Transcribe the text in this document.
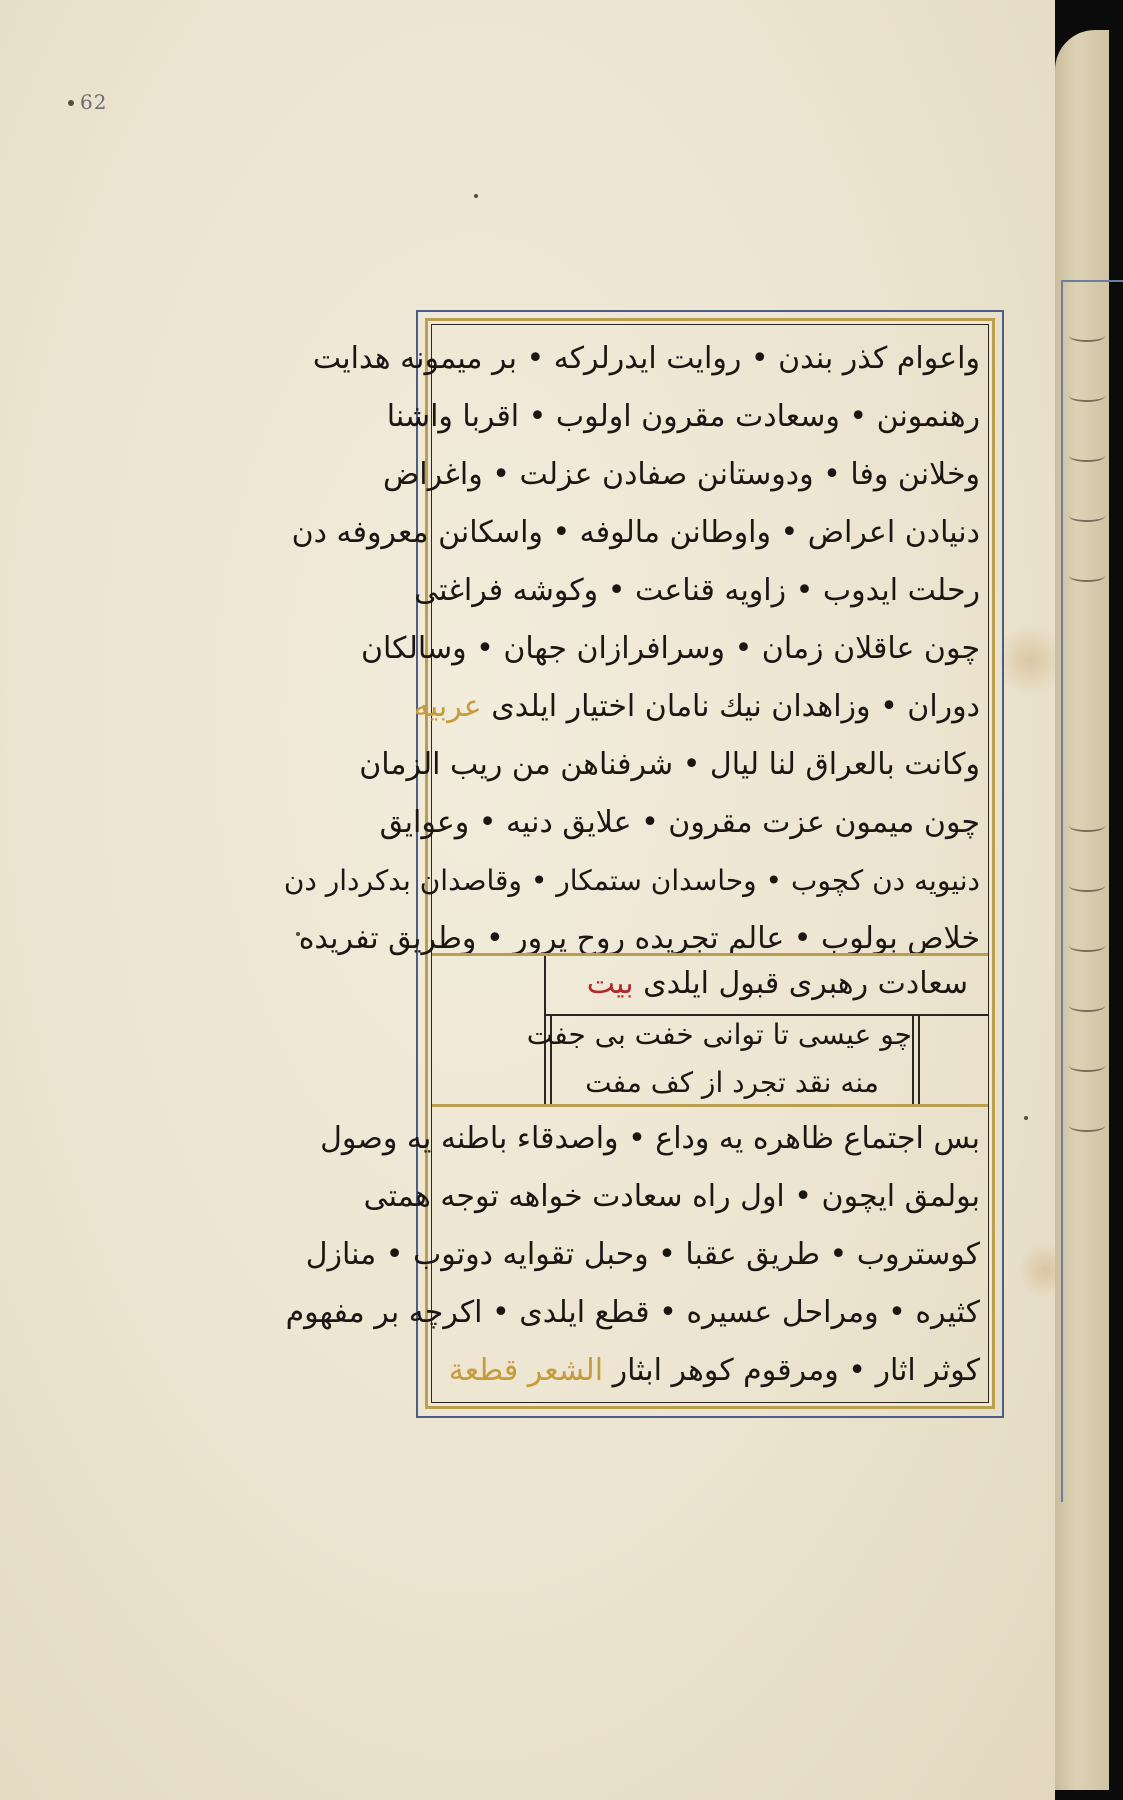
62
واعوام كذر بندن • روايت ايدرلركه • بر ميمونه هدايت
رهنمونن • وسعادت مقرون اولوب • اقربا واشنا
وخلانن وفا • ودوستانن صفادن عزلت • واغراض
دنيادن اعراض • واوطانن مالوفه • واسكانن معروفه دن
رحلت ايدوب • زاويه قناعت • وكوشه فراغتى
چون عاقلان زمان • وسرافرازان جهان • وسالكان
دوران • وزاهدان نيك نامان اختيار ايلدى عربيه
وكانت بالعراق لنا ليال • شرفناهن من ريب الزمان
چون ميمون عزت مقرون • علايق دنيه • وعوايق
دنيويه دن كچوب • وحاسدان ستمكار • وقاصدان بدكردار دن
خلاص بولوب • عالم تجريده روح پرور • وطريق تفريده
سعادت رهبرى قبول ايلدى بيت
چو عيسى تا توانى خفت بى جفت
منه نقد تجرد از كف مفت
بس اجتماع ظاهره يه وداع • واصدقاء باطنه يه وصول
بولمق ايچون • اول راه سعادت خواهه توجه همتى
كوستروب • طريق عقبا • وحبل تقوايه دوتوب • منازل
كثيره • ومراحل عسيره • قطع ايلدى • اكرچه بر مفهوم
كوثر اثار • ومرقوم كوهر ابثار الشعر قطعة
